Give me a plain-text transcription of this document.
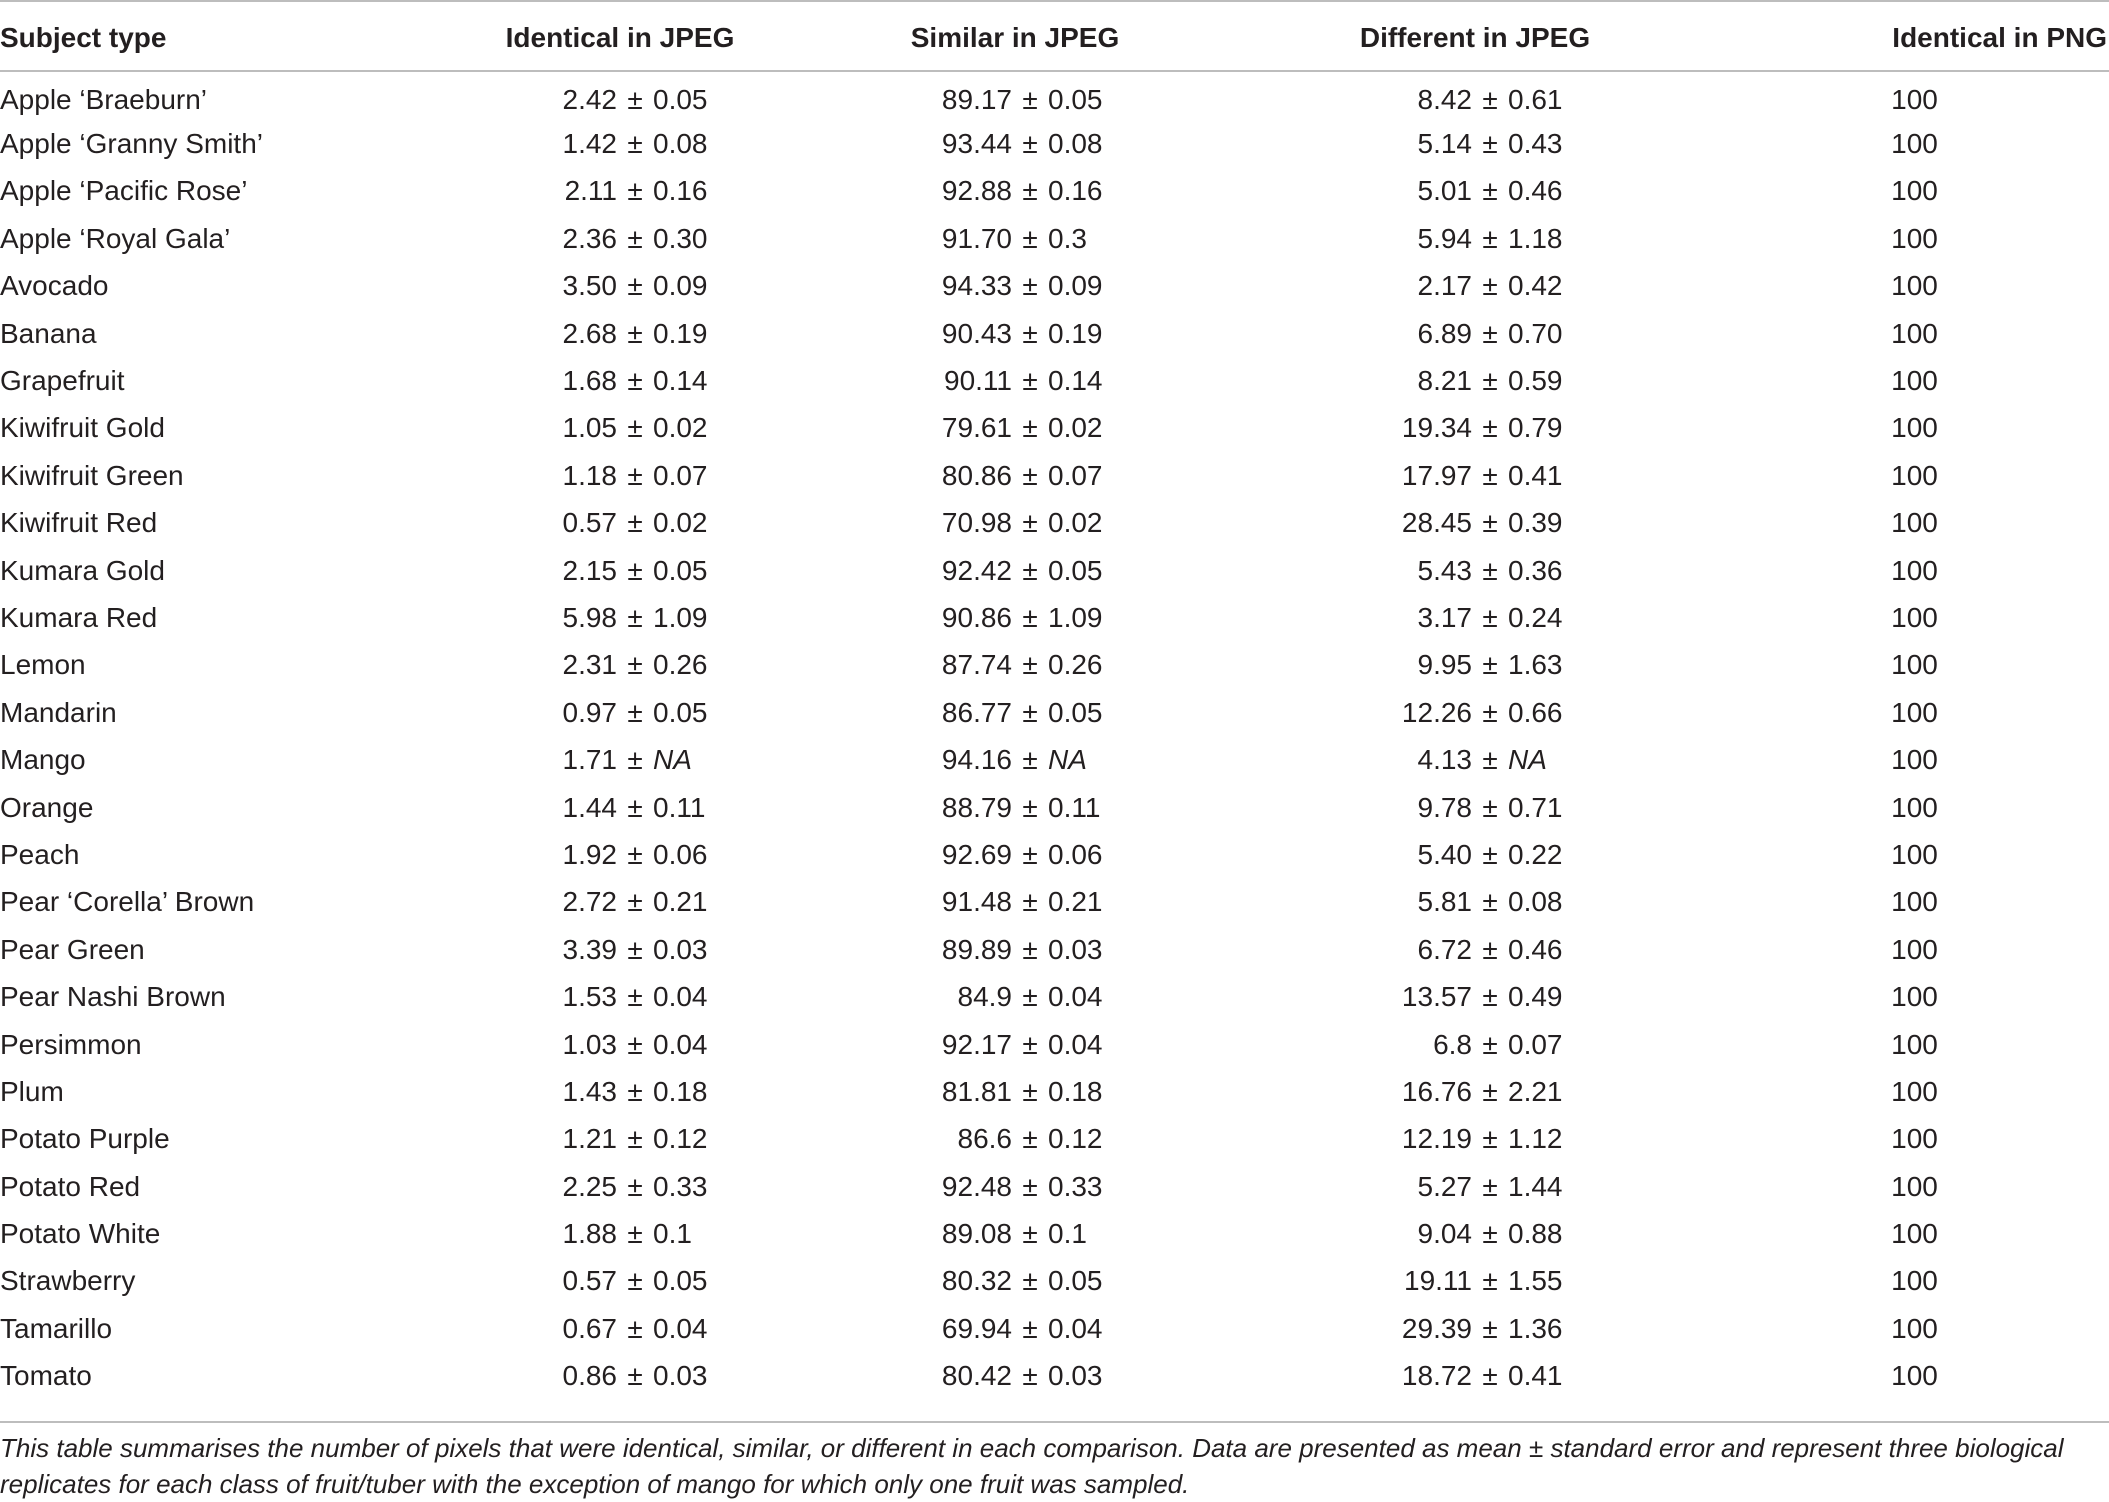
Subject type	Identical in JPEG	Similar in JPEG	Different in JPEG	Identical in PNG
Apple ‘Braeburn’	2.42 ± 0.05	89.17 ± 0.05	8.42 ± 0.61	100
Apple ‘Granny Smith’	1.42 ± 0.08	93.44 ± 0.08	5.14 ± 0.43	100
Apple ‘Pacific Rose’	2.11 ± 0.16	92.88 ± 0.16	5.01 ± 0.46	100
Apple ‘Royal Gala’	2.36 ± 0.30	91.70 ± 0.3	5.94 ± 1.18	100
Avocado	3.50 ± 0.09	94.33 ± 0.09	2.17 ± 0.42	100
Banana	2.68 ± 0.19	90.43 ± 0.19	6.89 ± 0.70	100
Grapefruit	1.68 ± 0.14	90.11 ± 0.14	8.21 ± 0.59	100
Kiwifruit Gold	1.05 ± 0.02	79.61 ± 0.02	19.34 ± 0.79	100
Kiwifruit Green	1.18 ± 0.07	80.86 ± 0.07	17.97 ± 0.41	100
Kiwifruit Red	0.57 ± 0.02	70.98 ± 0.02	28.45 ± 0.39	100
Kumara Gold	2.15 ± 0.05	92.42 ± 0.05	5.43 ± 0.36	100
Kumara Red	5.98 ± 1.09	90.86 ± 1.09	3.17 ± 0.24	100
Lemon	2.31 ± 0.26	87.74 ± 0.26	9.95 ± 1.63	100
Mandarin	0.97 ± 0.05	86.77 ± 0.05	12.26 ± 0.66	100
Mango	1.71 ± NA	94.16 ± NA	4.13 ± NA	100
Orange	1.44 ± 0.11	88.79 ± 0.11	9.78 ± 0.71	100
Peach	1.92 ± 0.06	92.69 ± 0.06	5.40 ± 0.22	100
Pear ‘Corella’ Brown	2.72 ± 0.21	91.48 ± 0.21	5.81 ± 0.08	100
Pear Green	3.39 ± 0.03	89.89 ± 0.03	6.72 ± 0.46	100
Pear Nashi Brown	1.53 ± 0.04	84.9 ± 0.04	13.57 ± 0.49	100
Persimmon	1.03 ± 0.04	92.17 ± 0.04	6.8 ± 0.07	100
Plum	1.43 ± 0.18	81.81 ± 0.18	16.76 ± 2.21	100
Potato Purple	1.21 ± 0.12	86.6 ± 0.12	12.19 ± 1.12	100
Potato Red	2.25 ± 0.33	92.48 ± 0.33	5.27 ± 1.44	100
Potato White	1.88 ± 0.1	89.08 ± 0.1	9.04 ± 0.88	100
Strawberry	0.57 ± 0.05	80.32 ± 0.05	19.11 ± 1.55	100
Tamarillo	0.67 ± 0.04	69.94 ± 0.04	29.39 ± 1.36	100
Tomato	0.86 ± 0.03	80.42 ± 0.03	18.72 ± 0.41	100
This table summarises the number of pixels that were identical, similar, or different in each comparison. Data are presented as mean ± standard error and represent three biological replicates for each class of fruit/tuber with the exception of mango for which only one fruit was sampled.
